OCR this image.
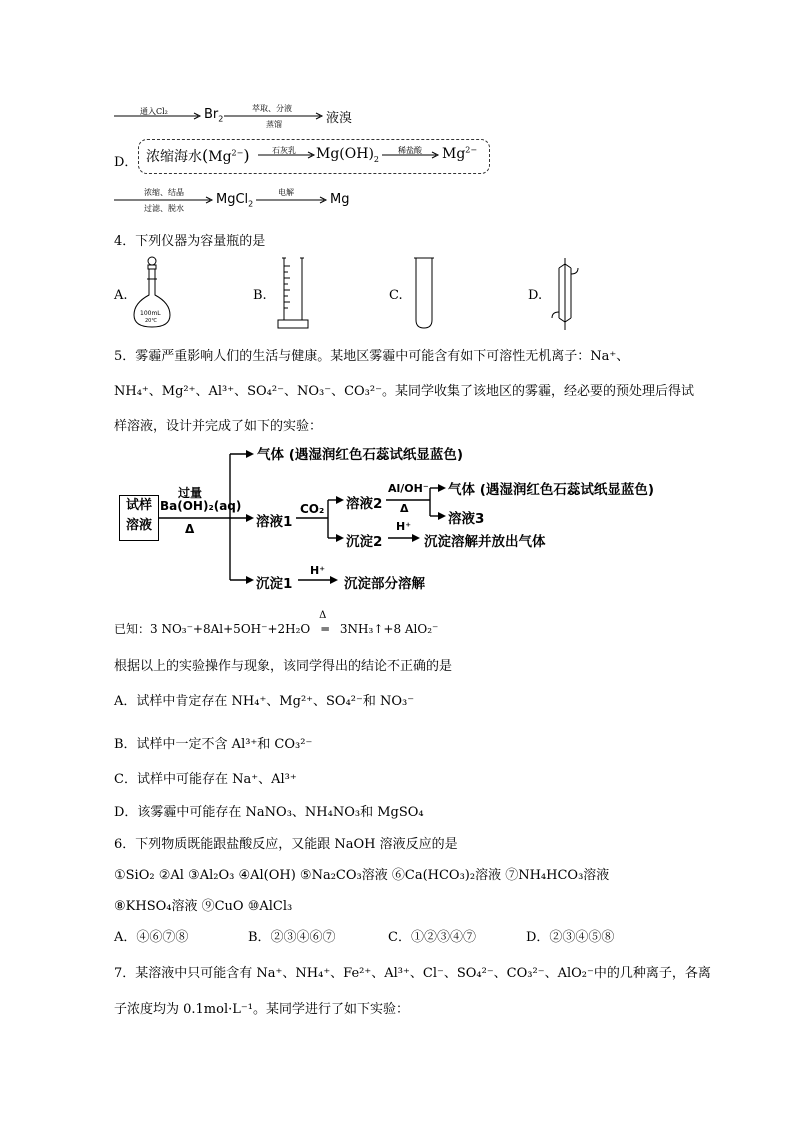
通入Cl₂	$Br_2$
萃取、分液
蒸馏	液溴
D． 浓缩海水$(Mg^{2-})$	石灰乳 $Mg(OH)_2$
稀盐酸 $Mg^{2-}$
浓缩、结晶
过滤、脱水
MgCl$_2$
电解	Mg
4．下列仪器为容量瓶的是
A.	B.	C.	D.
100mL
20℃
5．雾霾严重影响人们的生活与健康。某地区雾霾中可能含有如下可溶性无机离子：Na⁺、
NH₄⁺、Mg²⁺、Al³⁺、SO₄²⁻、NO₃⁻、CO₃²⁻。某同学收集了该地区的雾霾，经必要的预处理后得试
样溶液，设计并完成了如下的实验：
试样
溶液
过量
Ba(OH)₂(aq)
Δ
气体 (遇湿润红色石蕊试纸显蓝色)
溶液1
CO₂ 溶液2
Al/OH⁻
Δ
气体 (遇湿润红色石蕊试纸显蓝色)
溶液3
沉淀2
H⁺
沉淀溶解并放出气体
沉淀1
H⁺
沉淀部分溶解
已知：3 NO₃⁻+8Al+5OH⁻+2H₂O
Δ
═ 3NH₃↑+8 AlO₂⁻
根据以上的实验操作与现象，该同学得出的结论不正确的是
A．试样中肯定存在 NH₄⁺、Mg²⁺、SO₄²⁻和 NO₃⁻
B．试样中一定不含 Al³⁺和 CO₃²⁻
C．试样中可能存在 Na⁺、Al³⁺
D．该雾霾中可能存在 NaNO₃、NH₄NO₃和 MgSO₄
6．下列物质既能跟盐酸反应，又能跟 NaOH 溶液反应的是
①SiO₂ ②Al ③Al₂O₃ ④Al(OH) ⑤Na₂CO₃溶液 ⑥Ca(HCO₃)₂溶液 ⑦NH₄HCO₃溶液
⑧KHSO₄溶液 ⑨CuO ⑩AlCl₃
A．④⑥⑦⑧	B．②③④⑥⑦	C．①②③④⑦	D．②③④⑤⑧
7．某溶液中只可能含有 Na⁺、NH₄⁺、Fe²⁺、Al³⁺、Cl⁻、SO₄²⁻、CO₃²⁻、AlO₂⁻中的几种离子，各离
子浓度均为 0.1mol·L⁻¹。某同学进行了如下实验：
